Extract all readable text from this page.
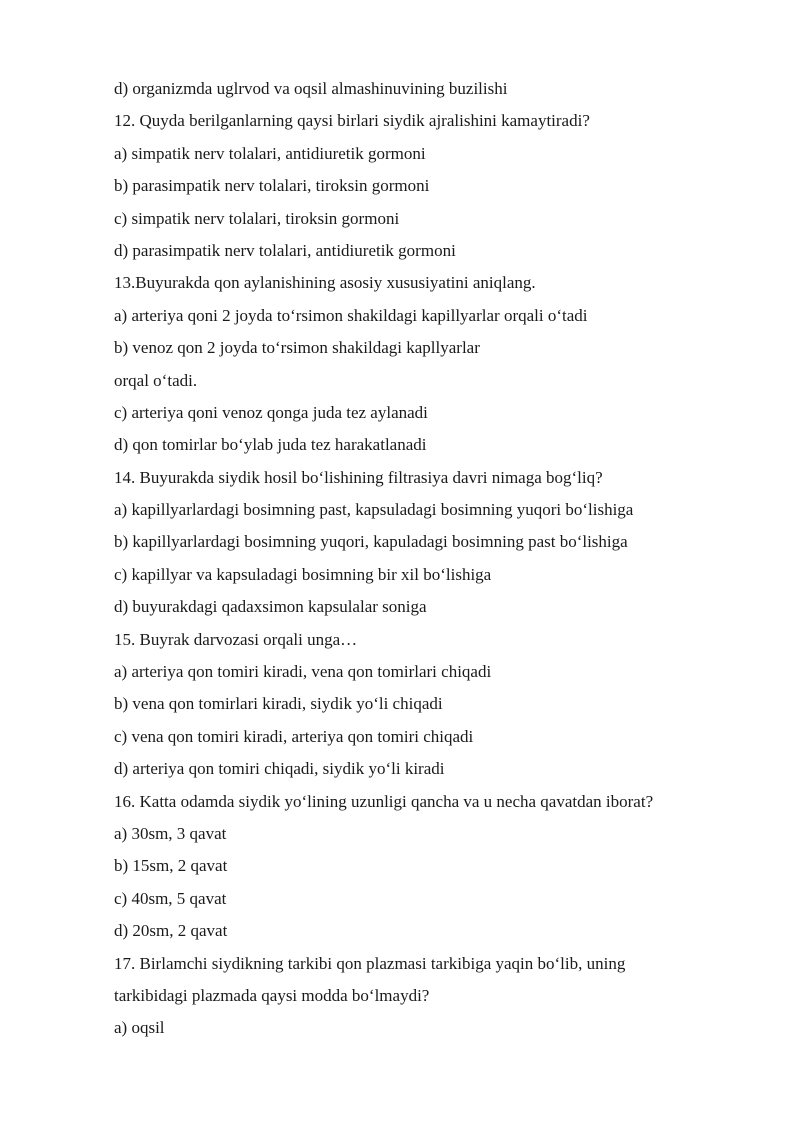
d) organizmda uglrvod va oqsil almashinuvining buzilishi

12. Quyda berilganlarning qaysi birlari siydik ajralishini kamaytiradi?

a) simpatik nerv tolalari, antidiuretik gormoni

b) parasimpatik nerv tolalari, tiroksin gormoni

c) simpatik nerv tolalari, tiroksin gormoni

d) parasimpatik nerv tolalari, antidiuretik gormoni

13.Buyurakda qon aylanishining asosiy xususiyatini aniqlang.

a) arteriya qoni 2 joyda to‘rsimon shakildagi kapillyarlar orqali o‘tadi

b) venoz qon 2 joyda to‘rsimon shakildagi kapllyarlar

orqal o‘tadi.

c) arteriya qoni venoz qonga juda tez aylanadi

d) qon tomirlar bo‘ylab juda tez harakatlanadi

14. Buyurakda siydik hosil bo‘lishining filtrasiya davri nimaga bog‘liq?

a) kapillyarlardagi bosimning past, kapsuladagi bosimning yuqori bo‘lishiga

b) kapillyarlardagi bosimning yuqori, kapuladagi bosimning past bo‘lishiga

c) kapillyar va kapsuladagi bosimning bir xil bo‘lishiga

d) buyurakdagi qadaxsimon kapsulalar soniga

15. Buyrak darvozasi orqali unga…

a) arteriya qon tomiri kiradi, vena qon tomirlari chiqadi

b) vena qon tomirlari kiradi, siydik yo‘li chiqadi

c) vena qon tomiri kiradi, arteriya qon tomiri chiqadi

d) arteriya qon tomiri chiqadi, siydik yo‘li kiradi

16. Katta odamda siydik yo‘lining uzunligi qancha va u necha qavatdan iborat?

a) 30sm, 3 qavat

b) 15sm, 2 qavat

c) 40sm, 5 qavat

d) 20sm, 2 qavat

17. Birlamchi siydikning tarkibi qon plazmasi tarkibiga yaqin bo‘lib, uning

tarkibidagi plazmada qaysi modda bo‘lmaydi?

a) oqsil
